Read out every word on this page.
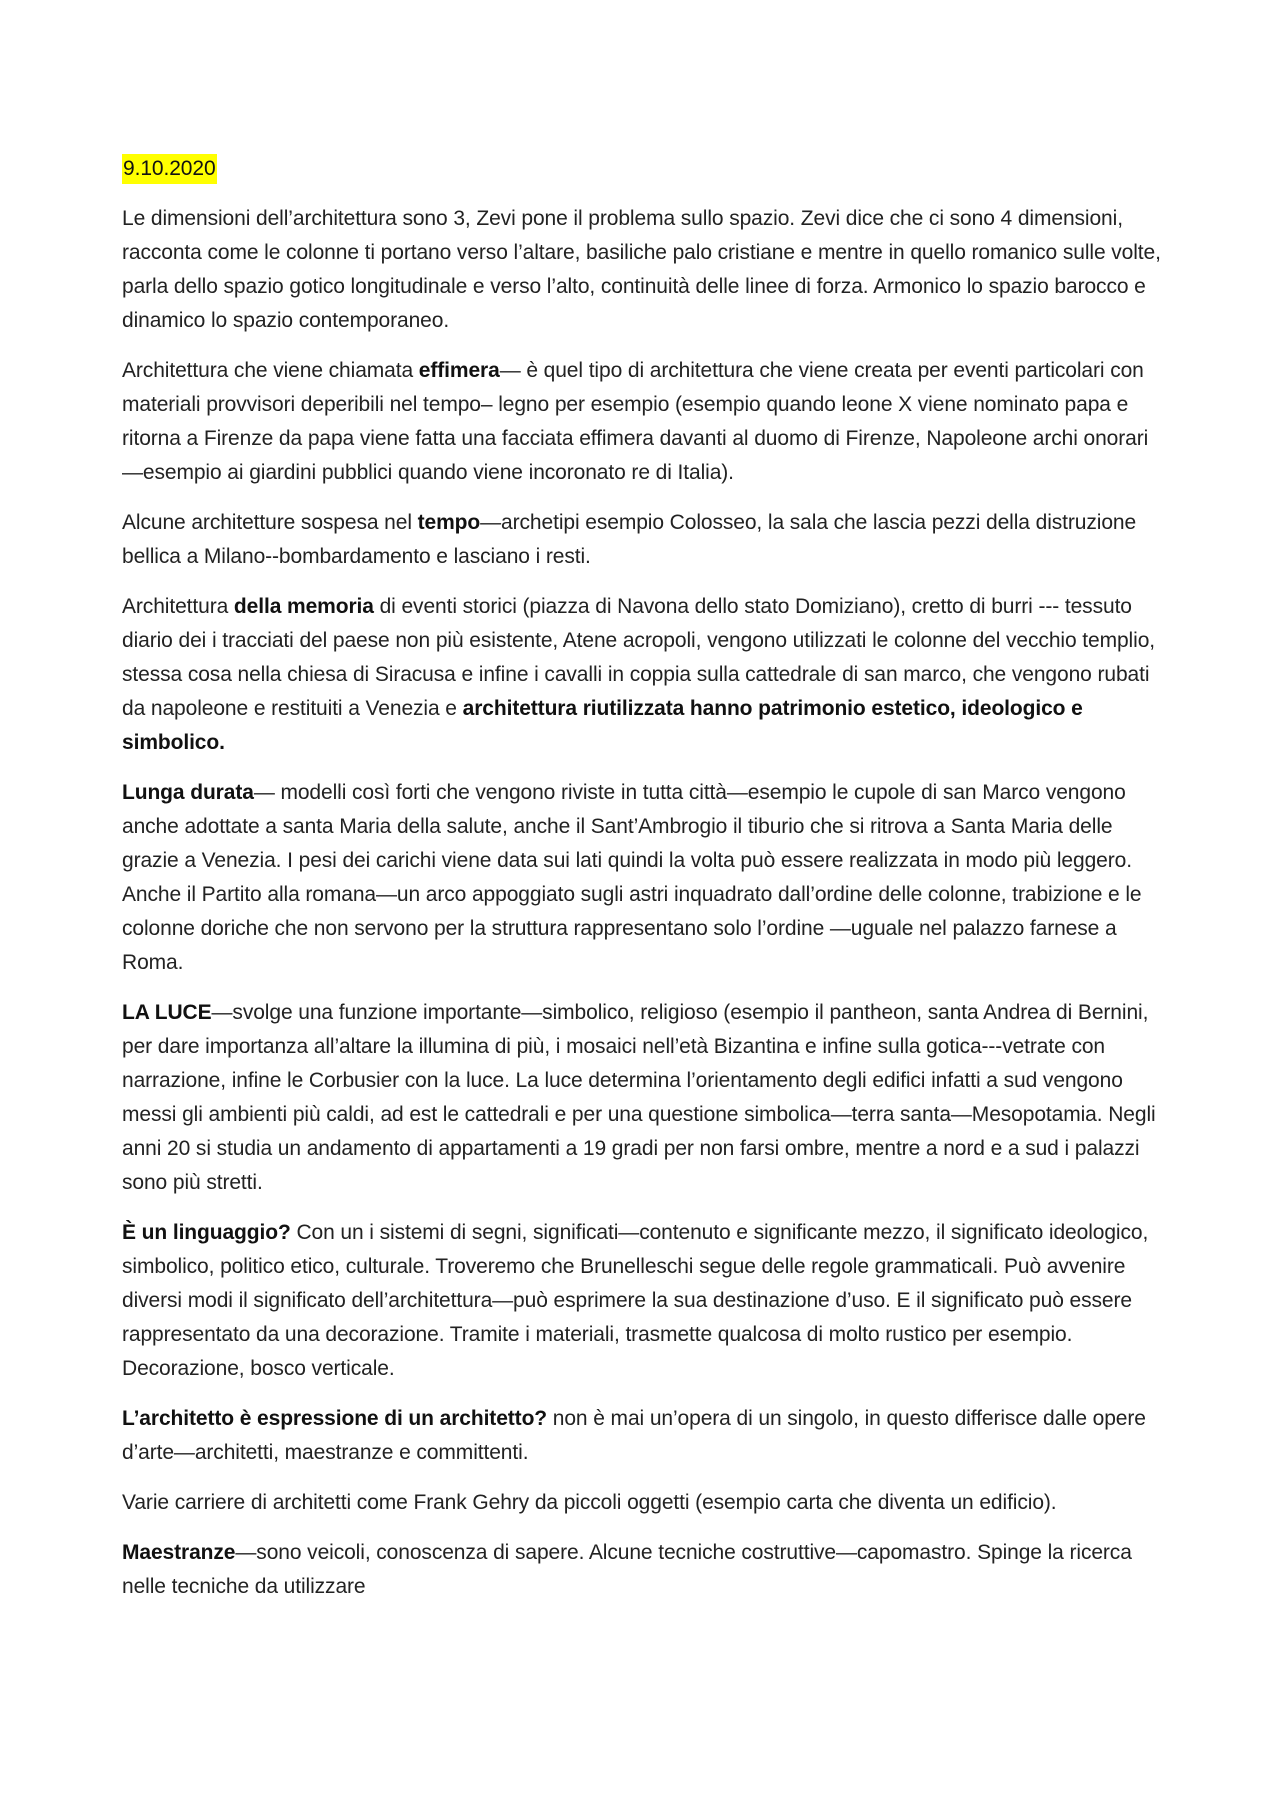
9.10.2020

Le dimensioni dell’architettura sono 3, Zevi pone il problema sullo spazio. Zevi dice che ci sono 4 dimensioni, racconta come le colonne ti portano verso l’altare, basiliche palo cristiane e mentre in quello romanico sulle volte, parla dello spazio gotico longitudinale e verso l’alto, continuità delle linee di forza. Armonico lo spazio barocco e dinamico lo spazio contemporaneo.

Architettura che viene chiamata effimera— è quel tipo di architettura che viene creata per eventi particolari con materiali provvisori deperibili nel tempo– legno per esempio (esempio quando leone X viene nominato papa e ritorna a Firenze da papa viene fatta una facciata effimera davanti al duomo di Firenze, Napoleone archi onorari—esempio ai giardini pubblici quando viene incoronato re di Italia).

Alcune architetture sospesa nel tempo—archetipi esempio Colosseo, la sala che lascia pezzi della distruzione bellica a Milano--bombardamento e lasciano i resti.

Architettura della memoria di eventi storici (piazza di Navona dello stato Domiziano), cretto di burri --- tessuto diario dei i tracciati del paese non più esistente, Atene acropoli, vengono utilizzati le colonne del vecchio templio, stessa cosa nella chiesa di Siracusa e infine i cavalli in coppia sulla cattedrale di san marco, che vengono rubati da napoleone e restituiti a Venezia e architettura riutilizzata hanno patrimonio estetico, ideologico e simbolico.

Lunga durata— modelli così forti che vengono riviste in tutta città—esempio le cupole di san Marco vengono anche adottate a santa Maria della salute, anche il Sant’Ambrogio il tiburio che si ritrova a Santa Maria delle grazie a Venezia. I pesi dei carichi viene data sui lati quindi la volta può essere realizzata in modo più leggero. Anche il Partito alla romana—un arco appoggiato sugli astri inquadrato dall’ordine delle colonne, trabizione e le colonne doriche che non servono per la struttura rappresentano solo l’ordine —uguale nel palazzo farnese a Roma.

LA LUCE—svolge una funzione importante—simbolico, religioso (esempio il pantheon, santa Andrea di Bernini, per dare importanza all’altare la illumina di più, i mosaici nell’età Bizantina e infine sulla gotica---vetrate con narrazione, infine le Corbusier con la luce. La luce determina l’orientamento degli edifici infatti a sud vengono messi gli ambienti più caldi, ad est le cattedrali e per una questione simbolica—terra santa—Mesopotamia. Negli anni 20 si studia un andamento di appartamenti a 19 gradi per non farsi ombre, mentre a nord e a sud i palazzi sono più stretti.

È un linguaggio? Con un i sistemi di segni, significati—contenuto e significante mezzo, il significato ideologico, simbolico, politico etico, culturale. Troveremo che Brunelleschi segue delle regole grammaticali. Può avvenire diversi modi il significato dell’architettura—può esprimere la sua destinazione d’uso. E il significato può essere rappresentato da una decorazione. Tramite i materiali, trasmette qualcosa di molto rustico per esempio. Decorazione, bosco verticale.

L’architetto è espressione di un architetto? non è mai un’opera di un singolo, in questo differisce dalle opere d’arte—architetti, maestranze e committenti.

Varie carriere di architetti come Frank Gehry da piccoli oggetti (esempio carta che diventa un edificio).

Maestranze—sono veicoli, conoscenza di sapere. Alcune tecniche costruttive—capomastro. Spinge la ricerca nelle tecniche da utilizzare
